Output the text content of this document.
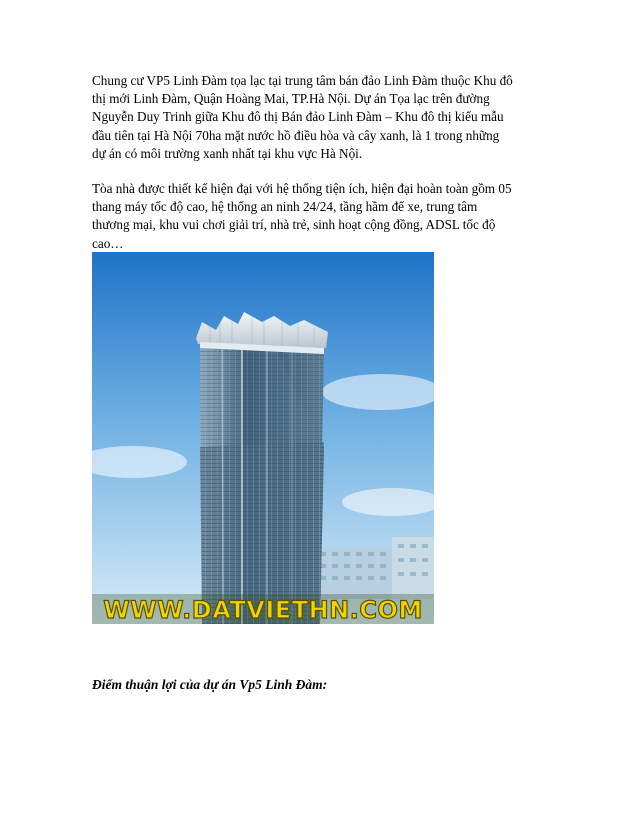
Chung cư VP5 Linh Đàm tọa lạc tại trung tâm bán đảo Linh Đàm thuộc Khu đô
thị mới Linh Đàm, Quận Hoàng Mai, TP.Hà Nội. Dự án Tọa lạc trên đường
Nguyễn Duy Trinh giữa Khu đô thị Bán đảo Linh Đàm – Khu đô thị kiểu mẫu
đầu tiên tại Hà Nội 70ha mặt nước hồ điều hòa và cây xanh, là 1 trong những
dự án có môi trường xanh nhất tại khu vực Hà Nội.

Tòa nhà được thiết kế hiện đại với hệ thống tiện ích, hiện đại hoàn toàn gồm 05
thang máy tốc độ cao, hệ thống an ninh 24/24, tầng hầm để xe, trung tâm
thương mại, khu vui chơi giải trí, nhà trẻ, sinh hoạt cộng đồng, ADSL tốc độ
cao…

WWW.DATVIETHN.COM
Điểm thuận lợi của dự án Vp5 Linh Đàm:
